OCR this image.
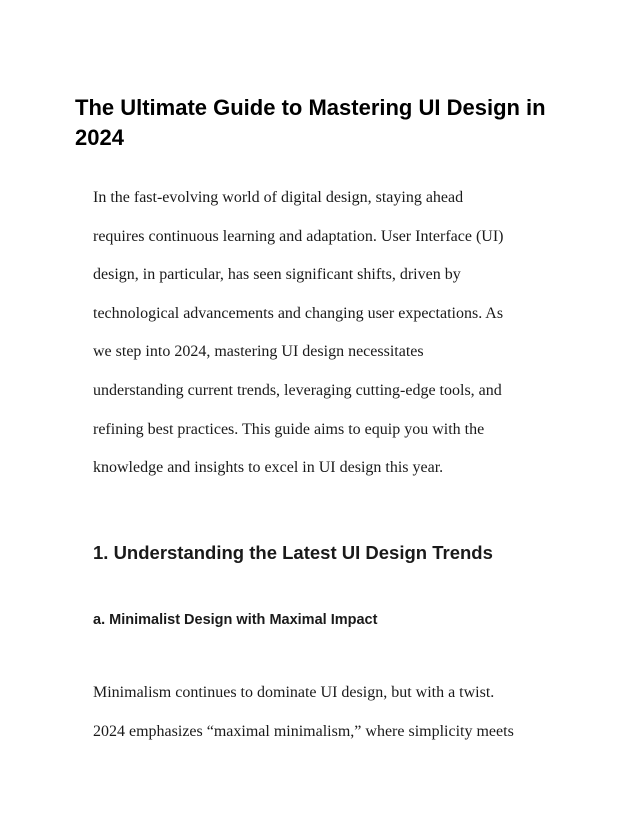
The Ultimate Guide to Mastering UI Design in
2024

In the fast-evolving world of digital design, staying ahead
requires continuous learning and adaptation. User Interface (UI)
design, in particular, has seen significant shifts, driven by
technological advancements and changing user expectations. As
we step into 2024, mastering UI design necessitates
understanding current trends, leveraging cutting-edge tools, and
refining best practices. This guide aims to equip you with the
knowledge and insights to excel in UI design this year.

1. Understanding the Latest UI Design Trends
a. Minimalist Design with Maximal Impact

Minimalism continues to dominate UI design, but with a twist.
2024 emphasizes “maximal minimalism,” where simplicity meets
